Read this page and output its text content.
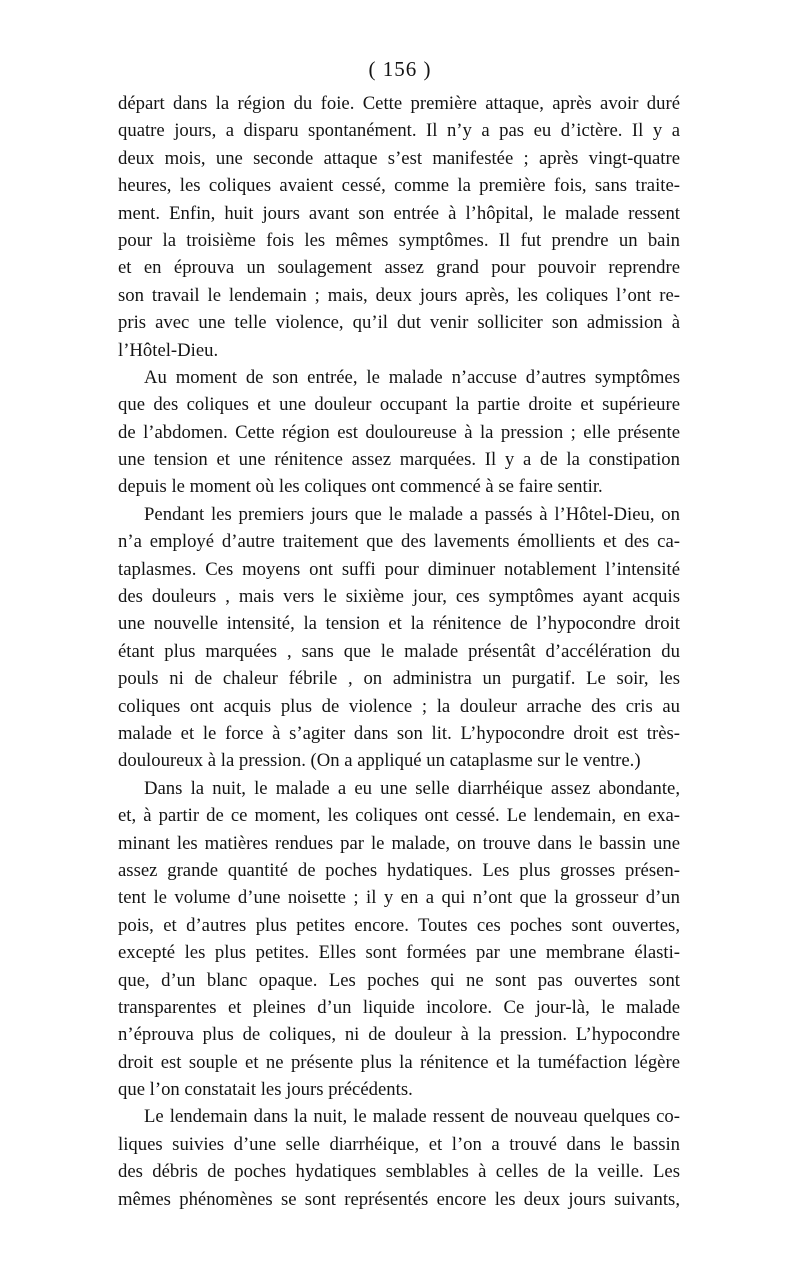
( 156 )
départ dans la région du foie. Cette première attaque, après avoir duré
quatre jours, a disparu spontanément. Il n’y a pas eu d’ictère. Il y a
deux mois, une seconde attaque s’est manifestée ; après vingt-quatre
heures, les coliques avaient cessé, comme la première fois, sans traite-
ment. Enfin, huit jours avant son entrée à l’hôpital, le malade ressent
pour la troisième fois les mêmes symptômes. Il fut prendre un bain
et en éprouva un soulagement assez grand pour pouvoir reprendre
son travail le lendemain ; mais, deux jours après, les coliques l’ont re-
pris avec une telle violence, qu’il dut venir solliciter son admission à
l’Hôtel-Dieu.
Au moment de son entrée, le malade n’accuse d’autres symptômes
que des coliques et une douleur occupant la partie droite et supérieure
de l’abdomen. Cette région est douloureuse à la pression ; elle présente
une tension et une rénitence assez marquées. Il y a de la constipation
depuis le moment où les coliques ont commencé à se faire sentir.
Pendant les premiers jours que le malade a passés à l’Hôtel-Dieu, on
n’a employé d’autre traitement que des lavements émollients et des ca-
taplasmes. Ces moyens ont suffi pour diminuer notablement l’intensité
des douleurs , mais vers le sixième jour, ces symptômes ayant acquis
une nouvelle intensité, la tension et la rénitence de l’hypocondre droit
étant plus marquées , sans que le malade présentât d’accélération du
pouls ni de chaleur fébrile , on administra un purgatif. Le soir, les
coliques ont acquis plus de violence ; la douleur arrache des cris au
malade et le force à s’agiter dans son lit. L’hypocondre droit est très-
douloureux à la pression. (On a appliqué un cataplasme sur le ventre.)
Dans la nuit, le malade a eu une selle diarrhéique assez abondante,
et, à partir de ce moment, les coliques ont cessé. Le lendemain, en exa-
minant les matières rendues par le malade, on trouve dans le bassin une
assez grande quantité de poches hydatiques. Les plus grosses présen-
tent le volume d’une noisette ; il y en a qui n’ont que la grosseur d’un
pois, et d’autres plus petites encore. Toutes ces poches sont ouvertes,
excepté les plus petites. Elles sont formées par une membrane élasti-
que, d’un blanc opaque. Les poches qui ne sont pas ouvertes sont
transparentes et pleines d’un liquide incolore. Ce jour-là, le malade
n’éprouva plus de coliques, ni de douleur à la pression. L’hypocondre
droit est souple et ne présente plus la rénitence et la tuméfaction légère
que l’on constatait les jours précédents.
Le lendemain dans la nuit, le malade ressent de nouveau quelques co-
liques suivies d’une selle diarrhéique, et l’on a trouvé dans le bassin
des débris de poches hydatiques semblables à celles de la veille. Les
mêmes phénomènes se sont représentés encore les deux jours suivants,
